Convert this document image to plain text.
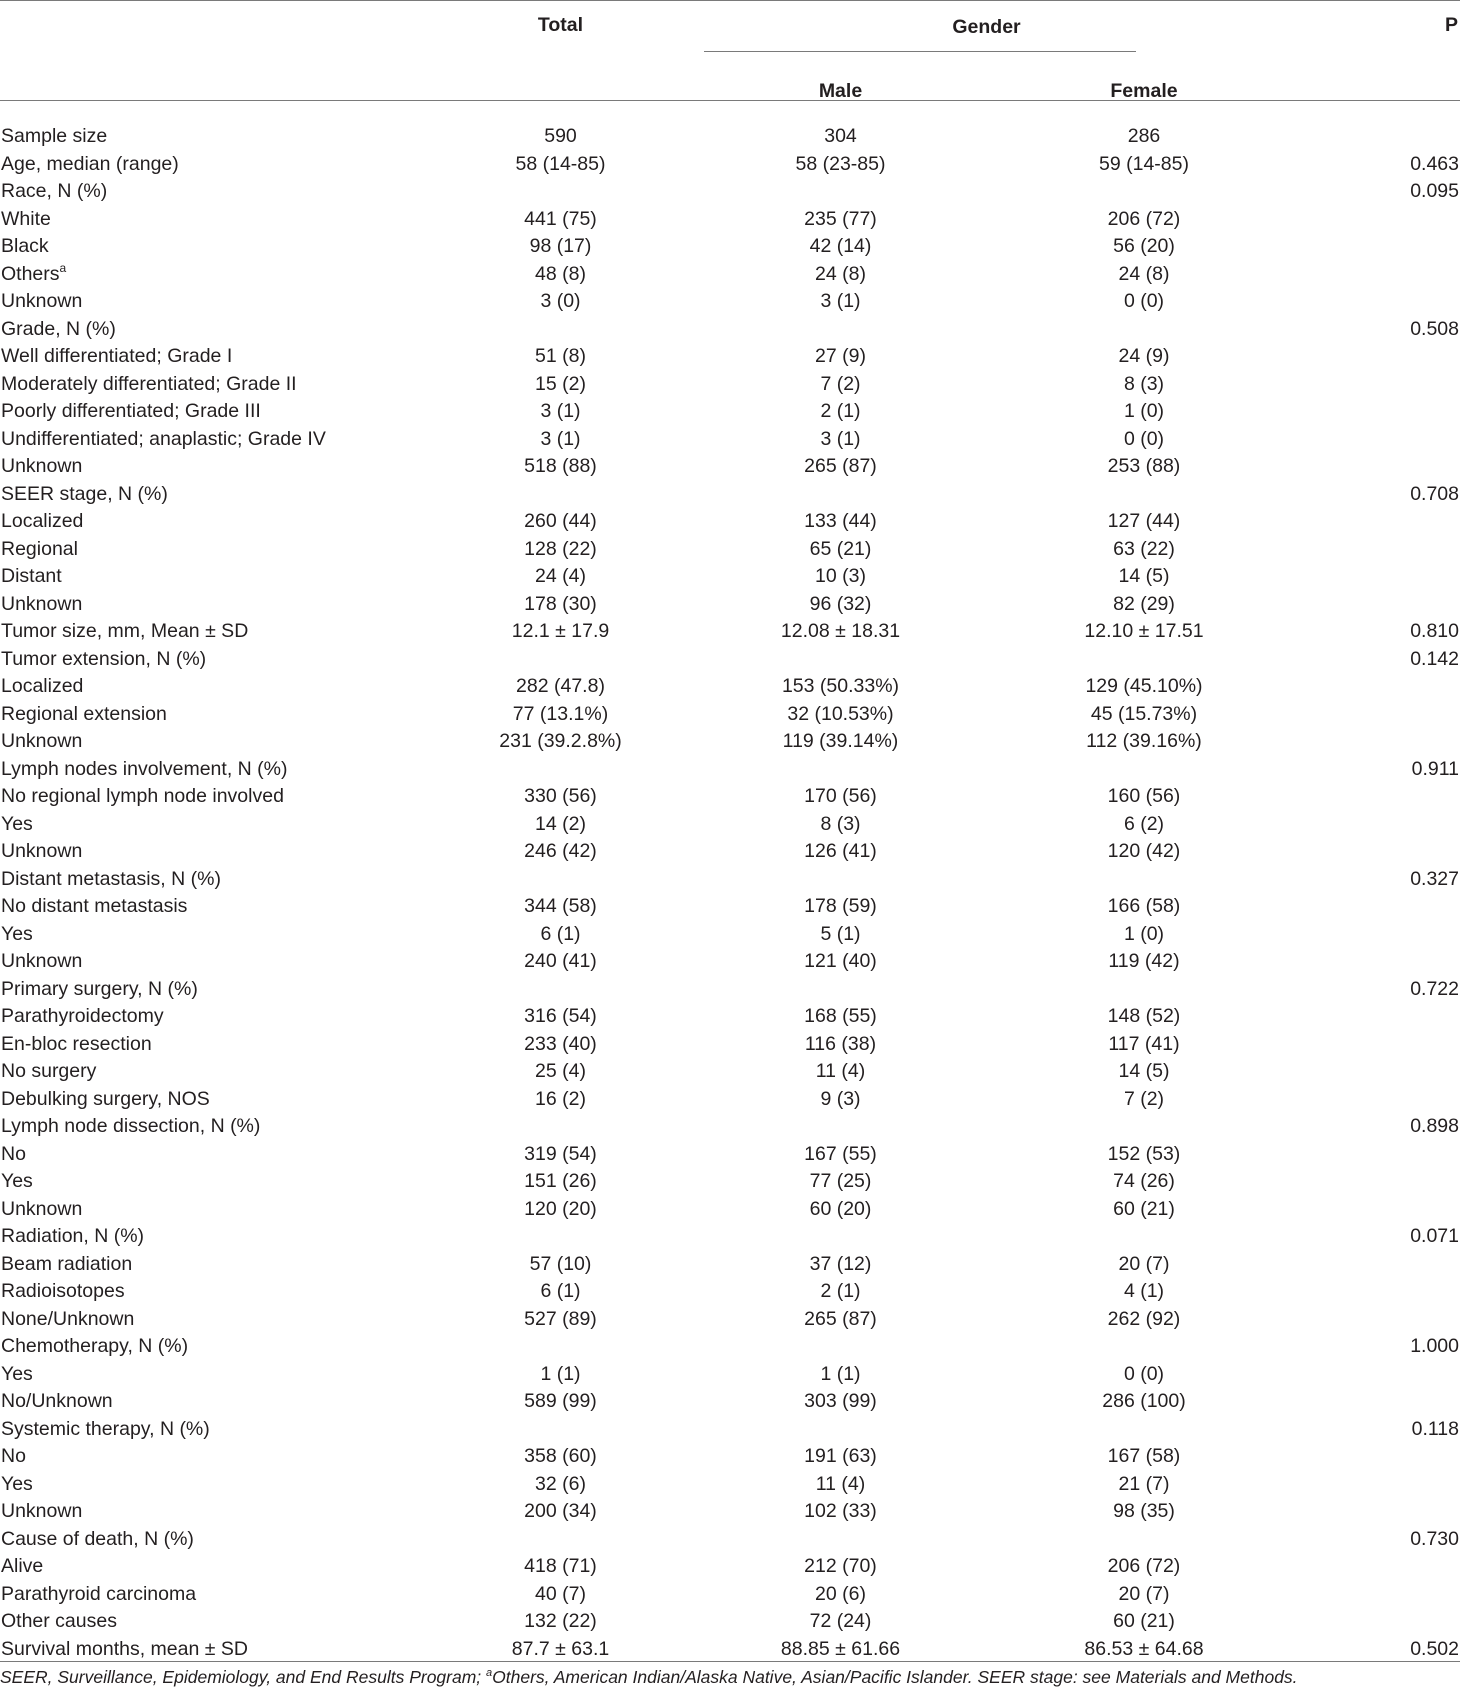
	Total	Gender		P
		Male	Female	

Sample size	590	304	286	
Age, median (range)	58 (14-85)	58 (23-85)	59 (14-85)	0.463
Race, N (%)				0.095
White	441 (75)	235 (77)	206 (72)	
Black	98 (17)	42 (14)	56 (20)	
Others$^a$	48 (8)	24 (8)	24 (8)	
Unknown	3 (0)	3 (1)	0 (0)	
Grade, N (%)				0.508
Well differentiated; Grade I	51 (8)	27 (9)	24 (9)	
Moderately differentiated; Grade II	15 (2)	7 (2)	8 (3)	
Poorly differentiated; Grade III	3 (1)	2 (1)	1 (0)	
Undifferentiated; anaplastic; Grade IV	3 (1)	3 (1)	0 (0)	
Unknown	518 (88)	265 (87)	253 (88)	
SEER stage, N (%)				0.708
Localized	260 (44)	133 (44)	127 (44)	
Regional	128 (22)	65 (21)	63 (22)	
Distant	24 (4)	10 (3)	14 (5)	
Unknown	178 (30)	96 (32)	82 (29)	
Tumor size, mm, Mean ± SD	12.1 ± 17.9	12.08 ± 18.31	12.10 ± 17.51	0.810
Tumor extension, N (%)				0.142
Localized	282 (47.8)	153 (50.33%)	129 (45.10%)	
Regional extension	77 (13.1%)	32 (10.53%)	45 (15.73%)	
Unknown	231 (39.2.8%)	119 (39.14%)	112 (39.16%)	
Lymph nodes involvement, N (%)				0.911
No regional lymph node involved	330 (56)	170 (56)	160 (56)	
Yes	14 (2)	8 (3)	6 (2)	
Unknown	246 (42)	126 (41)	120 (42)	
Distant metastasis, N (%)				0.327
No distant metastasis	344 (58)	178 (59)	166 (58)	
Yes	6 (1)	5 (1)	1 (0)	
Unknown	240 (41)	121 (40)	119 (42)	
Primary surgery, N (%)				0.722
Parathyroidectomy	316 (54)	168 (55)	148 (52)	
En-bloc resection	233 (40)	116 (38)	117 (41)	
No surgery	25 (4)	11 (4)	14 (5)	
Debulking surgery, NOS	16 (2)	9 (3)	7 (2)	
Lymph node dissection, N (%)				0.898
No	319 (54)	167 (55)	152 (53)	
Yes	151 (26)	77 (25)	74 (26)	
Unknown	120 (20)	60 (20)	60 (21)	
Radiation, N (%)				0.071
Beam radiation	57 (10)	37 (12)	20 (7)	
Radioisotopes	6 (1)	2 (1)	4 (1)	
None/Unknown	527 (89)	265 (87)	262 (92)	
Chemotherapy, N (%)				1.000
Yes	1 (1)	1 (1)	0 (0)	
No/Unknown	589 (99)	303 (99)	286 (100)	
Systemic therapy, N (%)				0.118
No	358 (60)	191 (63)	167 (58)	
Yes	32 (6)	11 (4)	21 (7)	
Unknown	200 (34)	102 (33)	98 (35)	
Cause of death, N (%)				0.730
Alive	418 (71)	212 (70)	206 (72)	
Parathyroid carcinoma	40 (7)	20 (6)	20 (7)	
Other causes	132 (22)	72 (24)	60 (21)	
Survival months, mean ± SD	87.7 ± 63.1	88.85 ± 61.66	86.53 ± 64.68	0.502
SEER, Surveillance, Epidemiology, and End Results Program; $^a$Others, American Indian/Alaska Native, Asian/Pacific Islander. SEER stage: see Materials and Methods.
